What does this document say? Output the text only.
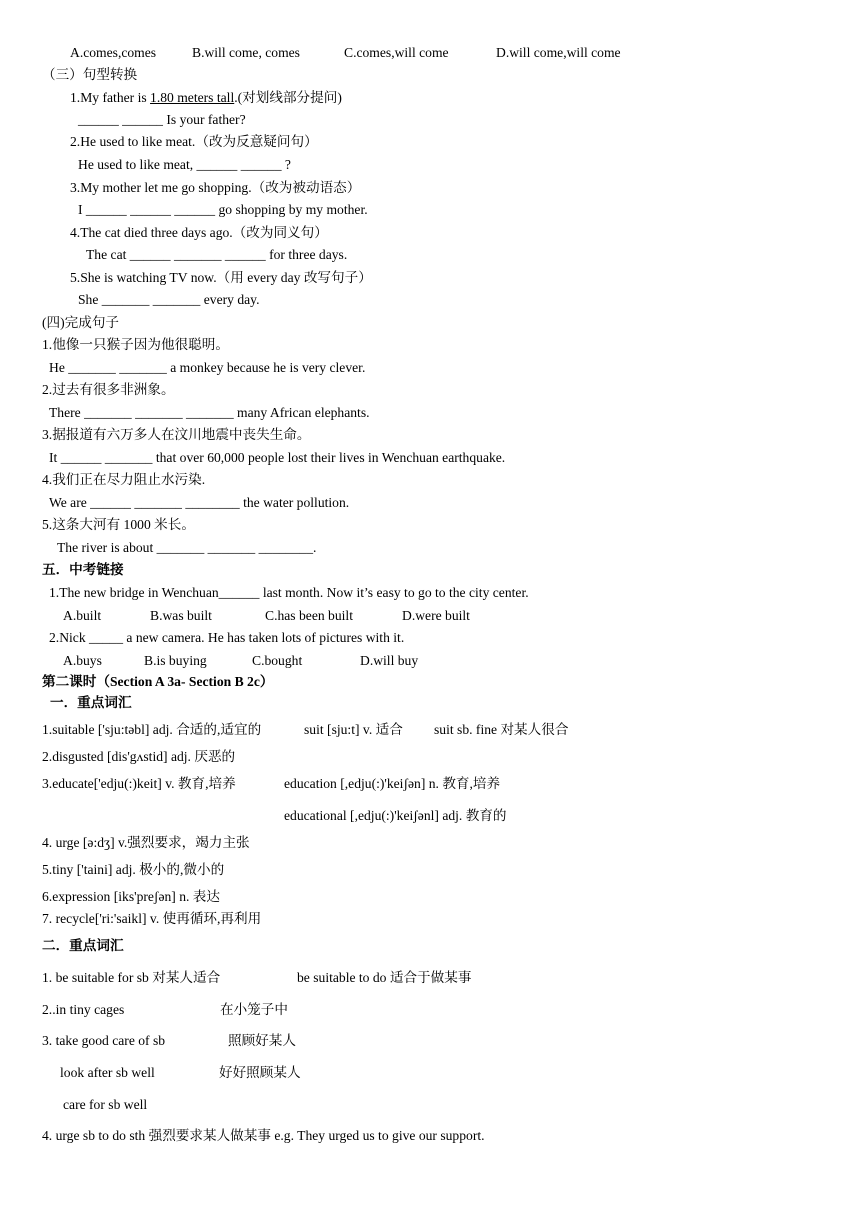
A.comes,comes	B.will come, comes	C.comes,will come	D.will come,will come
（三）句型转换
1.My father is 1.80 meters tall.(对划线部分提问)
______ ______ Is your father?
2.He used to like meat.（改为反意疑问句）
He used to like meat, ______ ______ ?
3.My mother let me go shopping.（改为被动语态）
I ______ ______ ______ go shopping by my mother.
4.The cat died three days ago.（改为同义句）
The cat ______ _______ ______ for three days.
5.She is watching TV now.（用 every day 改写句子）
She _______ _______ every day.
(四)完成句子
1.他像一只猴子因为他很聪明。
He _______ _______ a monkey because he is very clever.
2.过去有很多非洲象。
There _______ _______ _______ many African elephants.
3.据报道有六万多人在汶川地震中丧失生命。
It ______ _______ that over 60,000 people lost their lives in Wenchuan earthquake.
4.我们正在尽力阻止水污染.
We are ______ _______ ________ the water pollution.
5.这条大河有 1000 米长。
The river is about _______ _______ ________.
五．中考链接
1.The new bridge in Wenchuan______ last month. Now it’s easy to go to the city center.
A.built	B.was built	C.has been built	D.were built
2.Nick _____ a new camera. He has taken lots of pictures with it.
A.buys	B.is buying	C.bought	D.will buy
第二课时（Section A 3a- Section B 2c）
一．重点词汇
1.suitable ['sju:təbl] adj. 合适的,适宜的	suit [sju:t] v. 适合 suit sb. fine 对某人很合
2.disgusted [dis'gʌstid] adj. 厌恶的
3.educate['edju(:)keit] v. 教育,培养	education [,edju(:)'keiʃən] n. 教育,培养
educational [,edju(:)'keiʃənl] adj. 教育的
4. urge [ə:dʒ] v.强烈要求，竭力主张
5.tiny ['taini] adj. 极小的,微小的
6.expression [iks'preʃən] n. 表达
7. recycle['ri:'saikl] v. 使再循环,再利用
二．重点词汇
1. be suitable for sb 对某人适合	be suitable to do 适合于做某事
2..in tiny cages	在小笼子中
3. take good care of sb	照顾好某人
look after sb well	好好照顾某人
care for sb well
4. urge sb to do sth 强烈要求某人做某事 e.g. They urged us to give our support.
